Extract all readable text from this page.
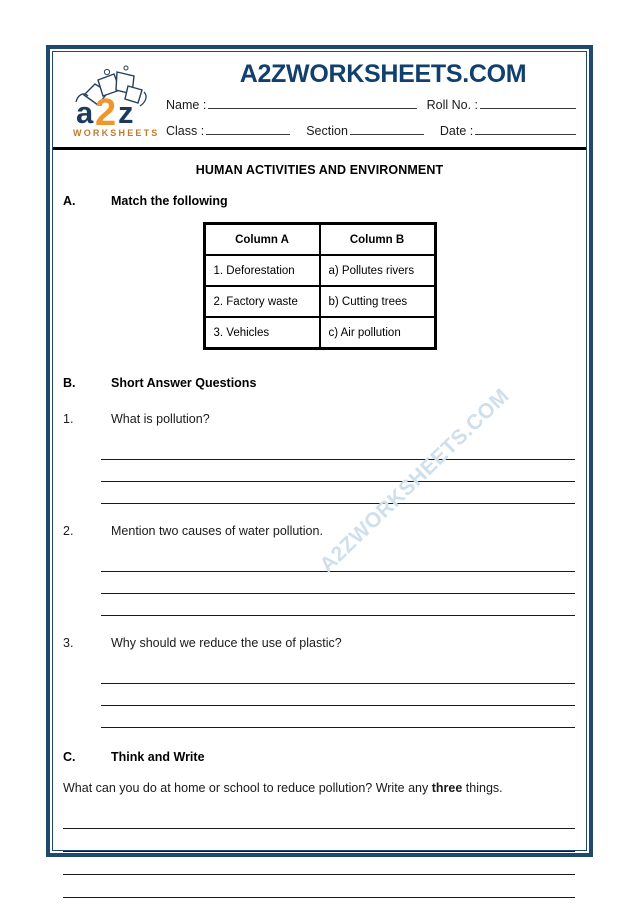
A2ZWORKSHEETS.COM
a 2 z
WORKSHEETS
A2ZWORKSHEETS.COM
Name :	Roll No. :
Class :	Section	Date :
HUMAN ACTIVITIES AND ENVIRONMENT
A.	Match the following
Column A	Column B
1. Deforestation	a) Pollutes rivers
2. Factory waste	b) Cutting trees
3. Vehicles	c) Air pollution
B.	Short Answer Questions
1.	What is pollution?
2.	Mention two causes of water pollution.
3.	Why should we reduce the use of plastic?
C.	Think and Write
What can you do at home or school to reduce pollution? Write any three things.
